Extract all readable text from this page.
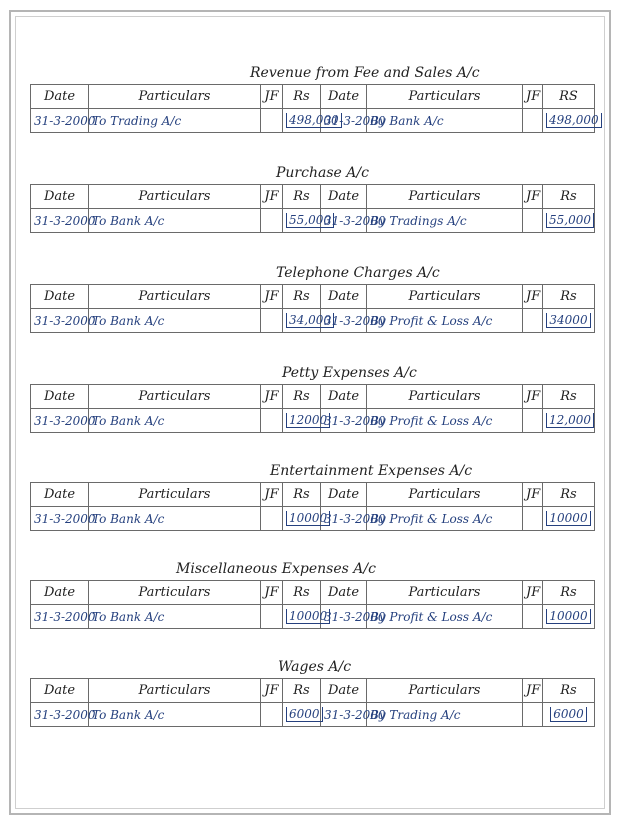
Revenue from Fee and Sales A/c
Date	Particulars	JF	Rs	Date	Particulars	JF	RS
31-3-2000	To Trading A/c		498,000	31-3-2000	By Bank A/c		498,000
Purchase A/c
Date	Particulars	JF	Rs	Date	Particulars	JF	Rs
31-3-2000	To Bank A/c		55,000	31-3-2000	By Tradings A/c		55,000
Telephone Charges A/c
Date	Particulars	JF	Rs	Date	Particulars	JF	Rs
31-3-2000	To Bank A/c		34,000	31-3-2000	By Profit & Loss A/c		34000
Petty Expenses A/c
Date	Particulars	JF	Rs	Date	Particulars	JF	Rs
31-3-2000	To Bank A/c		12000	31-3-2000	By Profit & Loss A/c		12,000
Entertainment Expenses A/c
Date	Particulars	JF	Rs	Date	Particulars	JF	Rs
31-3-2000	To Bank A/c		10000	31-3-2000	By Profit & Loss A/c		10000
Miscellaneous Expenses A/c
Date	Particulars	JF	Rs	Date	Particulars	JF	Rs
31-3-2000	To Bank A/c		10000	31-3-2000	By Profit & Loss A/c		10000
Wages A/c
Date	Particulars	JF	Rs	Date	Particulars	JF	Rs
31-3-2000	To Bank A/c		6000	31-3-2000	By Trading A/c		6000
